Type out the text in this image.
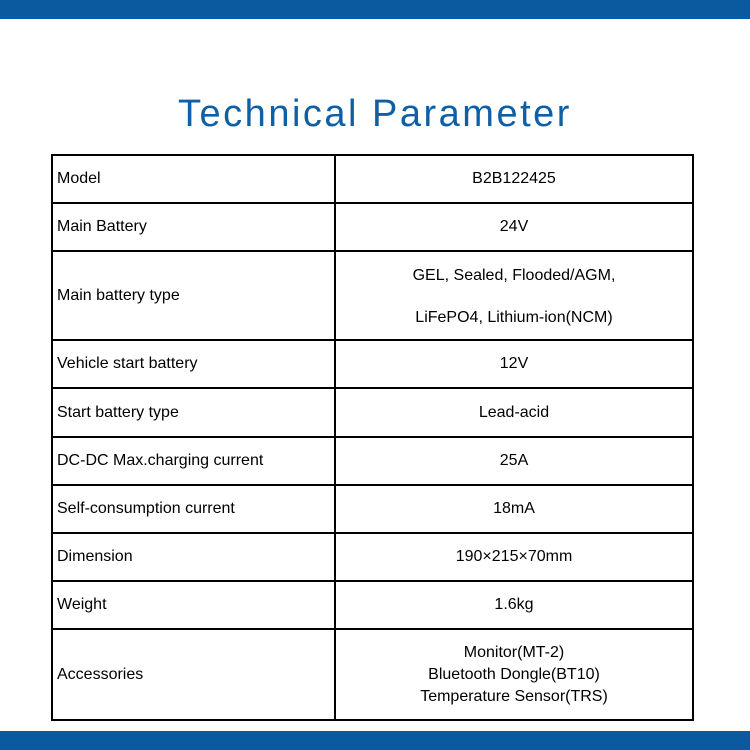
Technical Parameter
Model	B2B122425

Main Battery	24V

Main battery type	GEL, Sealed, Flooded/AGM,
LiFePO4, Lithium-ion(NCM)

Vehicle start battery	12V

Start battery type	Lead-acid

DC-DC Max.charging current	25A

Self-consumption current	18mA

Dimension	190×215×70mm

Weight	1.6kg

Accessories	Monitor(MT-2)
Bluetooth Dongle(BT10)
Temperature Sensor(TRS)
